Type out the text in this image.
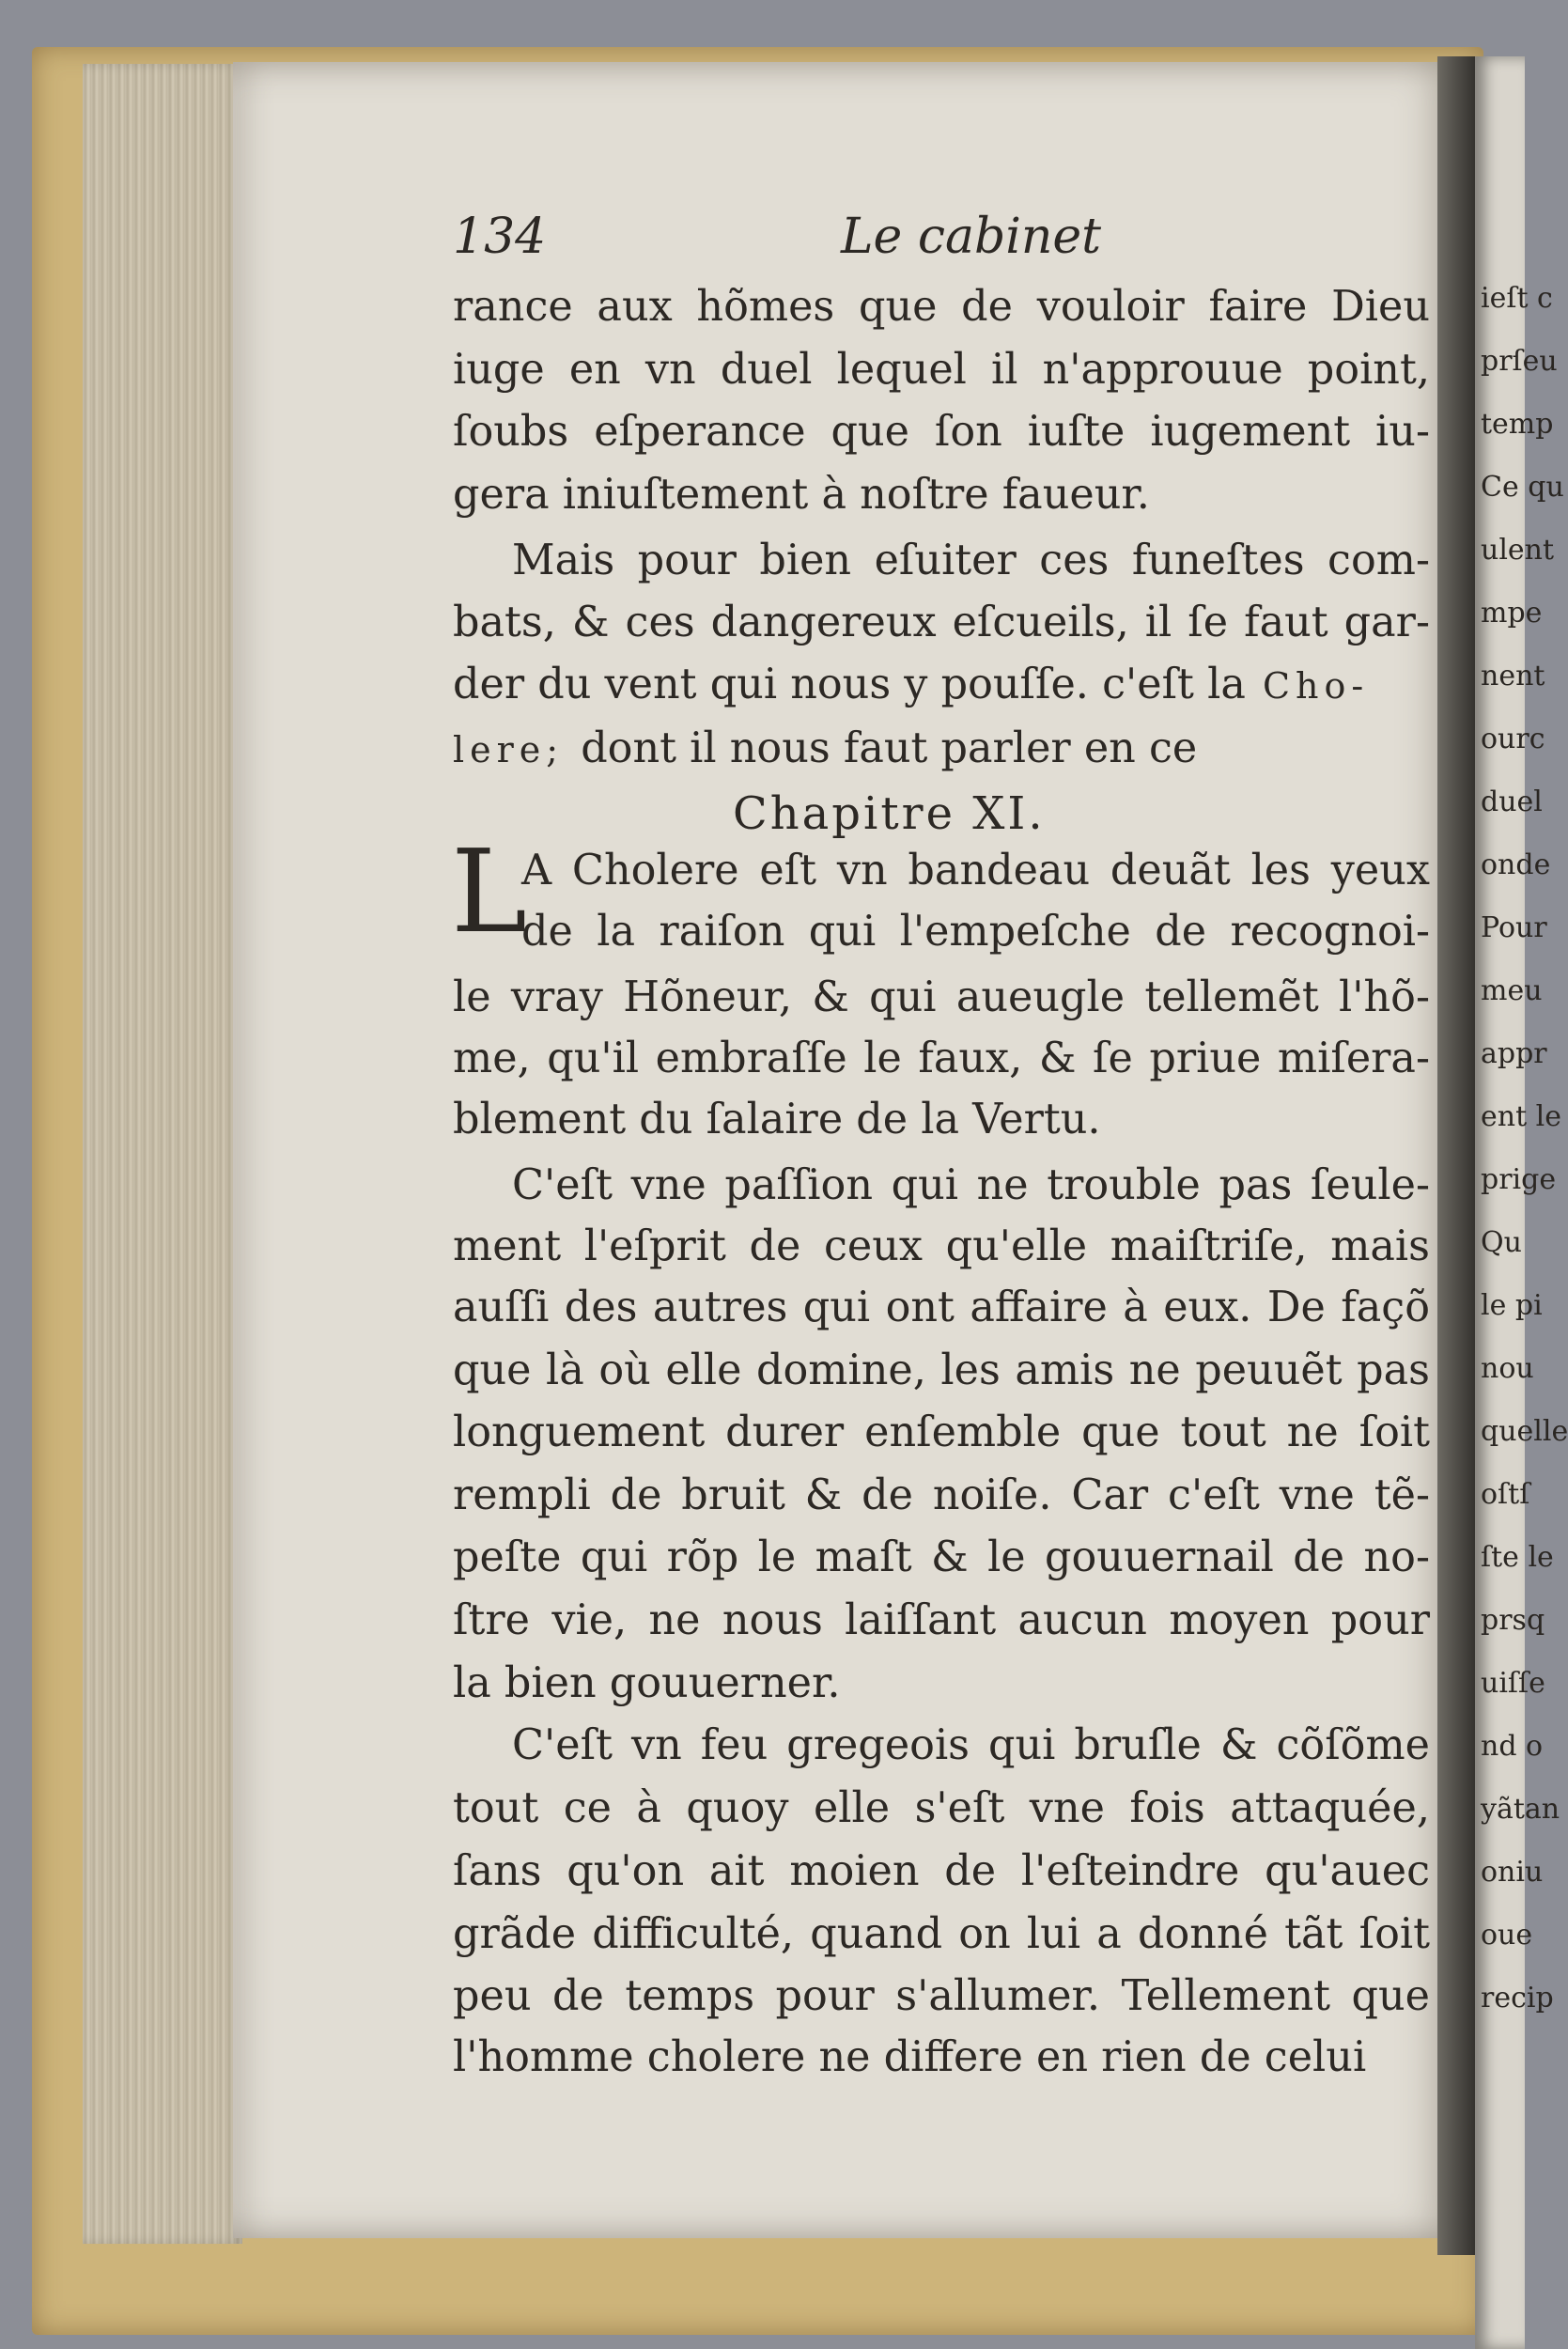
ieſt c
prſeu
temp
Ce qu
ulent
mpe
nent
ourc
duel
onde
Pour
meu
appr
ent le
prige
Qu
le pi
nou
quelle
oſtſ
ſte le
prsq
uiſſe
nd o
yãtan
oniu
oue
recip
134	Le cabinet
rance aux hõmes que de vouloir faire Dieu
iuge en vn duel lequel il n'approuue point,
ſoubs eſperance que ſon iuſte iugement iu-
gera iniuſtement à noſtre faueur.
Mais pour bien eſuiter ces funeſtes com-
bats, & ces dangereux eſcueils, il ſe faut gar-
der du vent qui nous y pouſſe. c'eſt la Cho-
lere; dont il nous faut parler en ce
Chapitre XI.
L
A Cholere eſt vn bandeau deuãt les yeux
de la raiſon qui l'empeſche de recognoi-
le vray Hõneur, & qui aueugle tellemẽt l'hõ-
me, qu'il embraſſe le faux, & ſe priue miſera-
blement du ſalaire de la Vertu.
C'eſt vne paſſion qui ne trouble pas ſeule-
ment l'eſprit de ceux qu'elle maiſtriſe, mais
auſſi des autres qui ont affaire à eux. De façõ
que là où elle domine, les amis ne peuuẽt pas
longuement durer enſemble que tout ne ſoit
rempli de bruit & de noiſe. Car c'eſt vne tẽ-
peſte qui rõp le maſt & le gouuernail de no-
ſtre vie, ne nous laiſſant aucun moyen pour
la bien gouuerner.
C'eſt vn feu gregeois qui bruſle & cõſõme
tout ce à quoy elle s'eſt vne fois attaquée,
ſans qu'on ait moien de l'eſteindre qu'auec
grãde difficulté, quand on lui a donné tãt ſoit
peu de temps pour s'allumer. Tellement que
l'homme cholere ne differe en rien de celui
